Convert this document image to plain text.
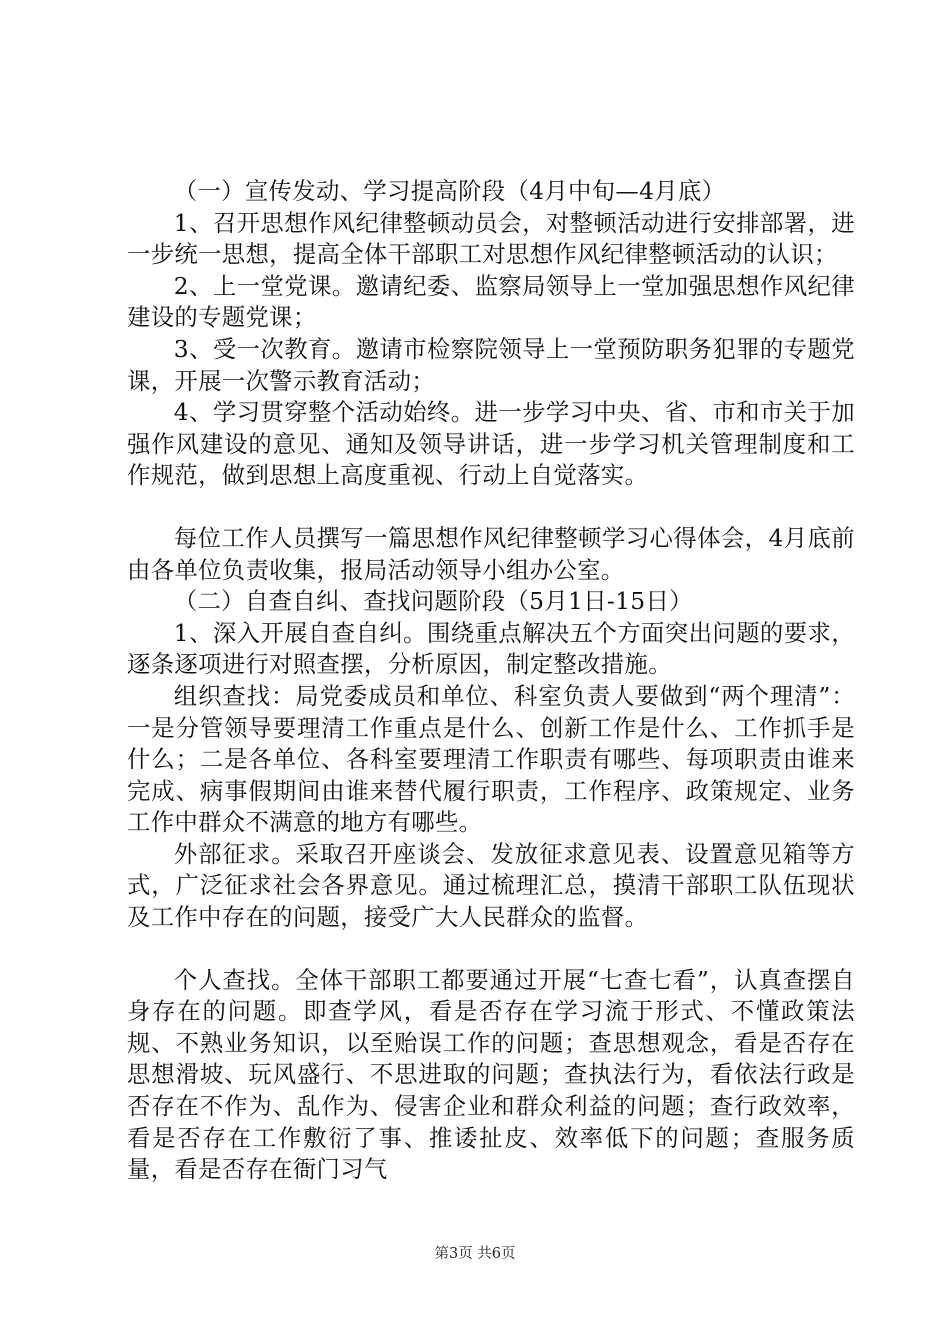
（一）宣传发动、学习提高阶段（4月中旬—4月底）

1、召开思想作风纪律整顿动员会，对整顿活动进行安排部署，进一步统一思想，提高全体干部职工对思想作风纪律整顿活动的认识；

2、上一堂党课。邀请纪委、监察局领导上一堂加强思想作风纪律建设的专题党课；

3、受一次教育。邀请市检察院领导上一堂预防职务犯罪的专题党课，开展一次警示教育活动；

4、学习贯穿整个活动始终。进一步学习中央、省、市和市关于加强作风建设的意见、通知及领导讲话，进一步学习机关管理制度和工作规范，做到思想上高度重视、行动上自觉落实。

每位工作人员撰写一篇思想作风纪律整顿学习心得体会，4月底前由各单位负责收集，报局活动领导小组办公室。

（二）自查自纠、查找问题阶段（5月1日-15日）

1、深入开展自查自纠。围绕重点解决五个方面突出问题的要求，逐条逐项进行对照查摆，分析原因，制定整改措施。

组织查找：局党委成员和单位、科室负责人要做到“两个理清”：一是分管领导要理清工作重点是什么、创新工作是什么、工作抓手是什么；二是各单位、各科室要理清工作职责有哪些、每项职责由谁来完成、病事假期间由谁来替代履行职责，工作程序、政策规定、业务工作中群众不满意的地方有哪些。

外部征求。采取召开座谈会、发放征求意见表、设置意见箱等方式，广泛征求社会各界意见。通过梳理汇总，摸清干部职工队伍现状及工作中存在的问题，接受广大人民群众的监督。

个人查找。全体干部职工都要通过开展“七查七看”，认真查摆自身存在的问题。即查学风，看是否存在学习流于形式、不懂政策法规、不熟业务知识，以至贻误工作的问题；查思想观念，看是否存在思想滑坡、玩风盛行、不思进取的问题；查执法行为，看依法行政是否存在不作为、乱作为、侵害企业和群众利益的问题；查行政效率，看是否存在工作敷衍了事、推诿扯皮、效率低下的问题；查服务质量，看是否存在衙门习气

第3页 共6页
